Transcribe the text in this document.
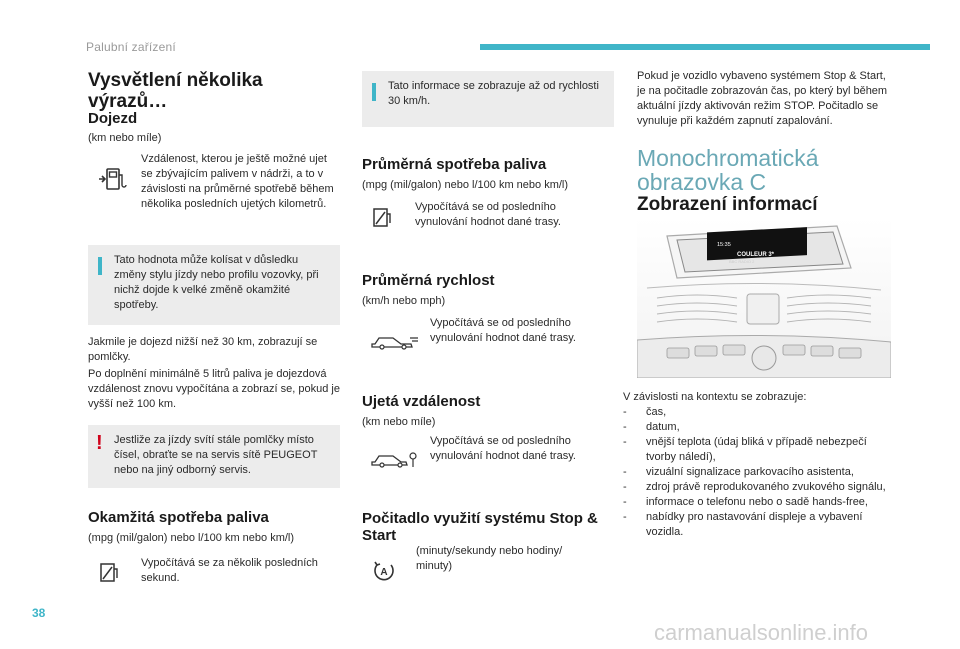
Palubní zařízení
Vysvětlení několika výrazů…
Dojezd
(km nebo míle)
Vzdálenost, kterou je ještě možné ujet se zbývajícím palivem v nádrži, a to v závislosti na průměrné spotřebě během několika posledních ujetých kilometrů.
Tato hodnota může kolísat v důsledku změny stylu jízdy nebo profilu vozovky, při nichž dojde k velké změně okamžité spotřeby.
Jakmile je dojezd nižší než 30 km, zobrazují se pomlčky.
Po doplnění minimálně 5 litrů paliva je dojezdová vzdálenost znovu vypočítána a zobrazí se, pokud je vyšší než 100 km.
! Jestliže za jízdy svítí stále pomlčky místo čísel, obraťte se na servis sítě PEUGEOT nebo na jiný odborný servis.
Okamžitá spotřeba paliva
(mpg (mil/galon) nebo l/100 km nebo km/l)
Vypočítává se za několik posledních sekund.
Tato informace se zobrazuje až od rychlosti 30 km/h.
Průměrná spotřeba paliva
(mpg (mil/galon) nebo l/100 km nebo km/l)
Vypočítává se od posledního vynulování hodnot dané trasy.
Průměrná rychlost
(km/h nebo mph)
Vypočítává se od posledního vynulování hodnot dané trasy.
Ujetá vzdálenost
(km nebo míle)
Vypočítává se od posledního vynulování hodnot dané trasy.
Počitadlo využití systému Stop & Start
A
(minuty/sekundy nebo hodiny/ minuty)
Pokud je vozidlo vybaveno systémem Stop & Start, je na počitadle zobrazován čas, po který byl během aktuální jízdy aktivován režim STOP. Počitadlo se vynuluje při každém zapnutí zapalování.
Monochromatická obrazovka C
Zobrazení informací
15:35
COULEUR 3*
BBC RADIO 2
V závislosti na kontextu se zobrazuje:
- čas,
- datum,
- vnější teplota (údaj bliká v případě nebezpečí tvorby náledí),
- vizuální signalizace parkovacího asistenta,
- zdroj právě reprodukovaného zvukového signálu,
- informace o telefonu nebo o sadě hands-free,
- nabídky pro nastavování displeje a vybavení vozidla.
38
carmanualsonline.info
